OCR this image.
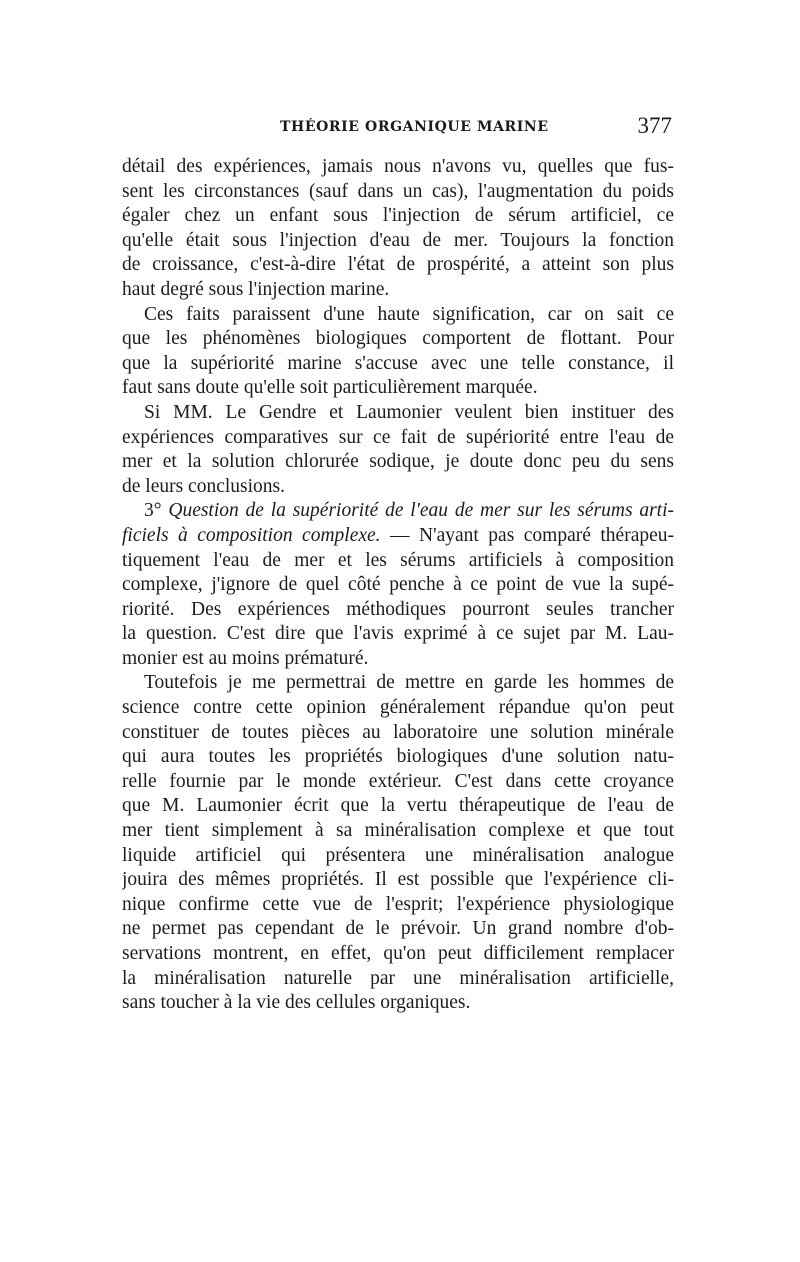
THÉORIE ORGANIQUE MARINE	377
détail des expériences, jamais nous n'avons vu, quelles que fus-
sent les circonstances (sauf dans un cas), l'augmentation du poids
égaler chez un enfant sous l'injection de sérum artificiel, ce
qu'elle était sous l'injection d'eau de mer. Toujours la fonction
de croissance, c'est-à-dire l'état de prospérité, a atteint son plus
haut degré sous l'injection marine.
Ces faits paraissent d'une haute signification, car on sait ce
que les phénomènes biologiques comportent de flottant. Pour
que la supériorité marine s'accuse avec une telle constance, il
faut sans doute qu'elle soit particulièrement marquée.
Si MM. Le Gendre et Laumonier veulent bien instituer des
expériences comparatives sur ce fait de supériorité entre l'eau de
mer et la solution chlorurée sodique, je doute donc peu du sens
de leurs conclusions.
3° Question de la supériorité de l'eau de mer sur les sérums arti-
ficiels à composition complexe. — N'ayant pas comparé thérapeu-
tiquement l'eau de mer et les sérums artificiels à composition
complexe, j'ignore de quel côté penche à ce point de vue la supé-
riorité. Des expériences méthodiques pourront seules trancher
la question. C'est dire que l'avis exprimé à ce sujet par M. Lau-
monier est au moins prématuré.
Toutefois je me permettrai de mettre en garde les hommes de
science contre cette opinion généralement répandue qu'on peut
constituer de toutes pièces au laboratoire une solution minérale
qui aura toutes les propriétés biologiques d'une solution natu-
relle fournie par le monde extérieur. C'est dans cette croyance
que M. Laumonier écrit que la vertu thérapeutique de l'eau de
mer tient simplement à sa minéralisation complexe et que tout
liquide artificiel qui présentera une minéralisation analogue
jouira des mêmes propriétés. Il est possible que l'expérience cli-
nique confirme cette vue de l'esprit; l'expérience physiologique
ne permet pas cependant de le prévoir. Un grand nombre d'ob-
servations montrent, en effet, qu'on peut difficilement remplacer
la minéralisation naturelle par une minéralisation artificielle,
sans toucher à la vie des cellules organiques.
